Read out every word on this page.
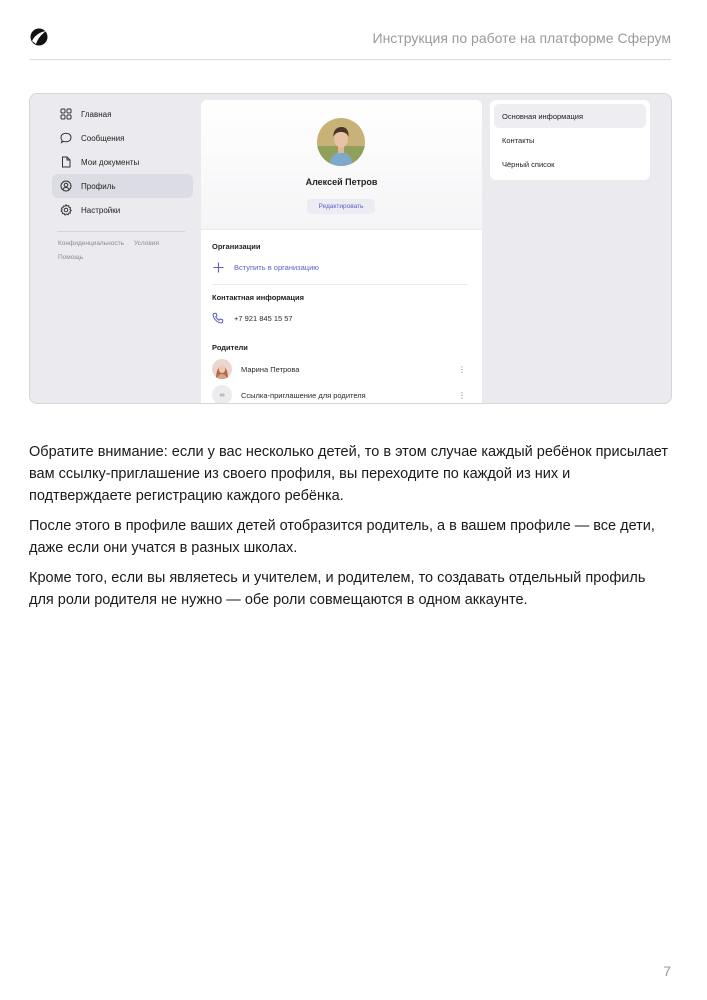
Инструкция по работе на платформе Сферум
Главная
Сообщения
Мои документы
Профиль
Настройки
Конфиденциальность Условия
Помощь
Алексей Петров
Редактировать
Организации
Вступить в организацию
Контактная информация
+7 921 845 15 57
Родители
Марина Петрова	⋮
∞	Ссылка-приглашение для родителя	⋮
Основная информация
Контакты
Чёрный список

Обратите внимание: если у вас несколько детей, то в этом случае каждый ребёнок присылает вам ссылку-приглашение из своего профиля, вы переходите по каждой из них и подтверждаете регистрацию каждого ребёнка.

После этого в профиле ваших детей отобразится родитель, а в вашем профиле — все дети, даже если они учатся в разных школах.

Кроме того, если вы являетесь и учителем, и родителем, то создавать отдельный профиль для роли родителя не нужно — обе роли совмещаются в одном аккаунте.

7
